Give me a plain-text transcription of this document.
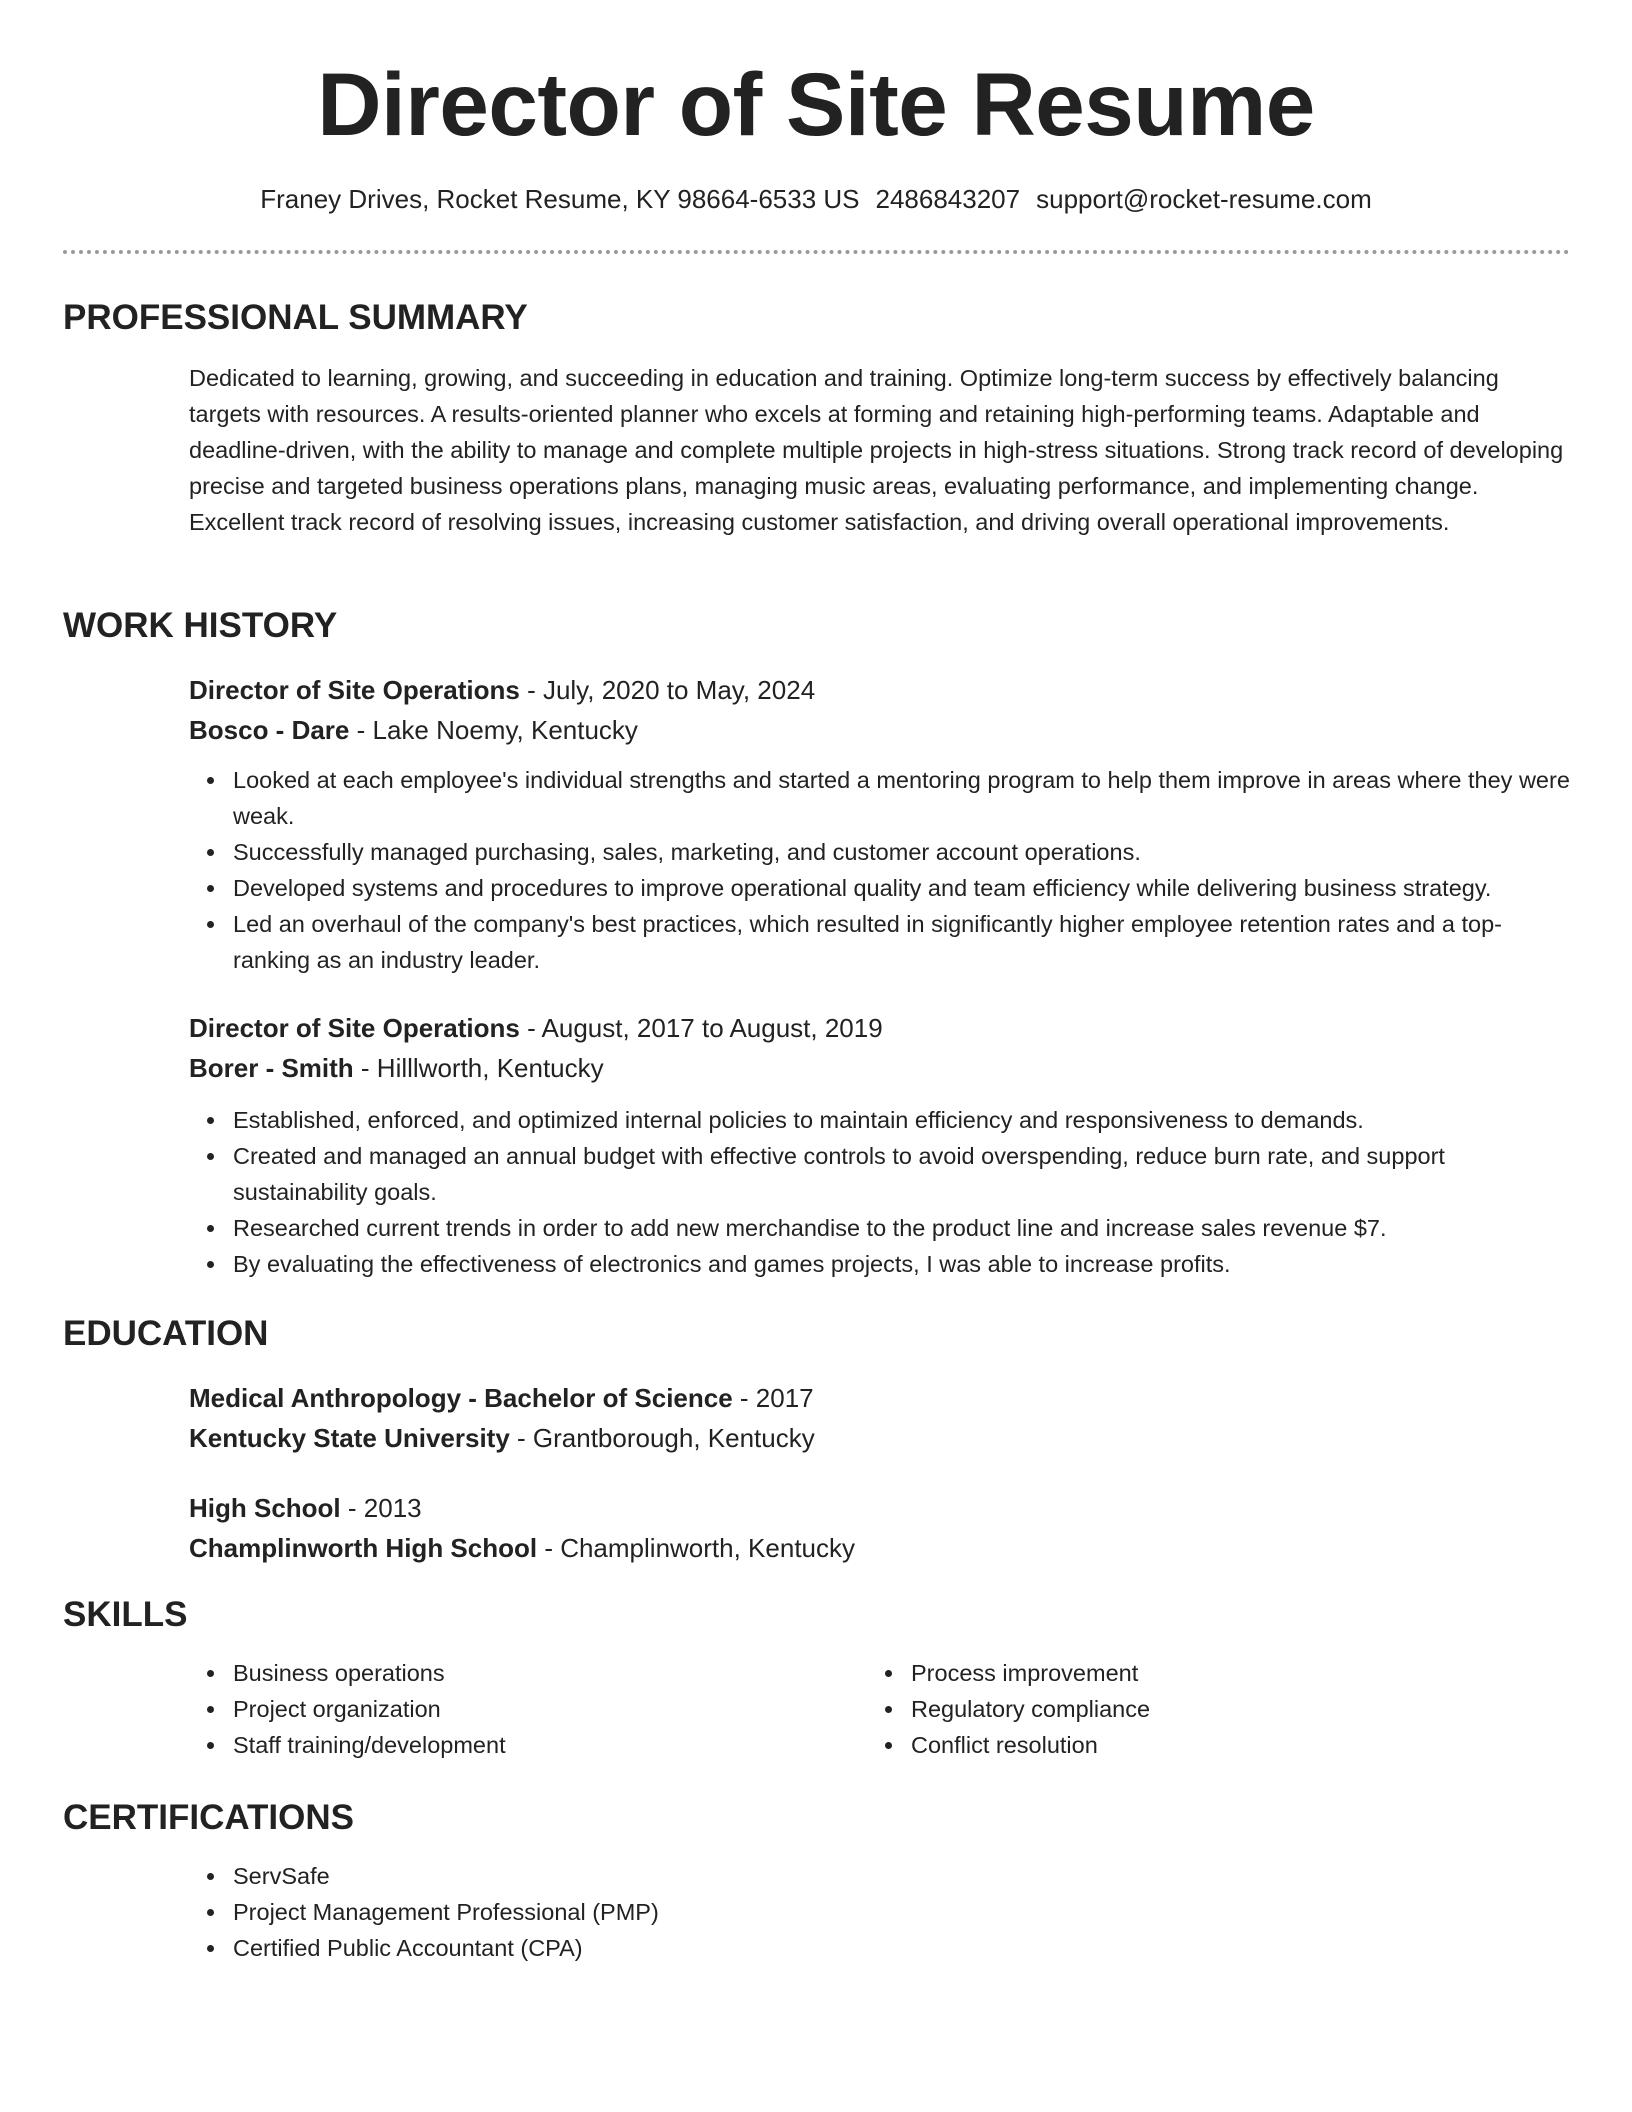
Director of Site Resume
Franey Drives, Rocket Resume, KY 98664-6533 US 2486843207 support@rocket-resume.com
PROFESSIONAL SUMMARY

Dedicated to learning, growing, and succeeding in education and training. Optimize long-term success by effectively balancing targets with resources. A results-oriented planner who excels at forming and retaining high-performing teams. Adaptable and deadline-driven, with the ability to manage and complete multiple projects in high-stress situations. Strong track record of developing precise and targeted business operations plans, managing music areas, evaluating performance, and implementing change. Excellent track record of resolving issues, increasing customer satisfaction, and driving overall operational improvements.

WORK HISTORY

Director of Site Operations - July, 2020 to May, 2024

Bosco - Dare - Lake Noemy, Kentucky

Looked at each employee's individual strengths and started a mentoring program to help them improve in areas where they were weak.
Successfully managed purchasing, sales, marketing, and customer account operations.
Developed systems and procedures to improve operational quality and team efficiency while delivering business strategy.
Led an overhaul of the company's best practices, which resulted in significantly higher employee retention rates and a top-ranking as an industry leader.

Director of Site Operations - August, 2017 to August, 2019

Borer - Smith - Hilllworth, Kentucky

Established, enforced, and optimized internal policies to maintain efficiency and responsiveness to demands.
Created and managed an annual budget with effective controls to avoid overspending, reduce burn rate, and support sustainability goals.
Researched current trends in order to add new merchandise to the product line and increase sales revenue $7.
By evaluating the effectiveness of electronics and games projects, I was able to increase profits.
EDUCATION

Medical Anthropology - Bachelor of Science - 2017

Kentucky State University - Grantborough, Kentucky

High School - 2013

Champlinworth High School - Champlinworth, Kentucky

SKILLS
Business operations
Project organization
Staff training/development
Process improvement
Regulatory compliance
Conflict resolution
CERTIFICATIONS
ServSafe
Project Management Professional (PMP)
Certified Public Accountant (CPA)
